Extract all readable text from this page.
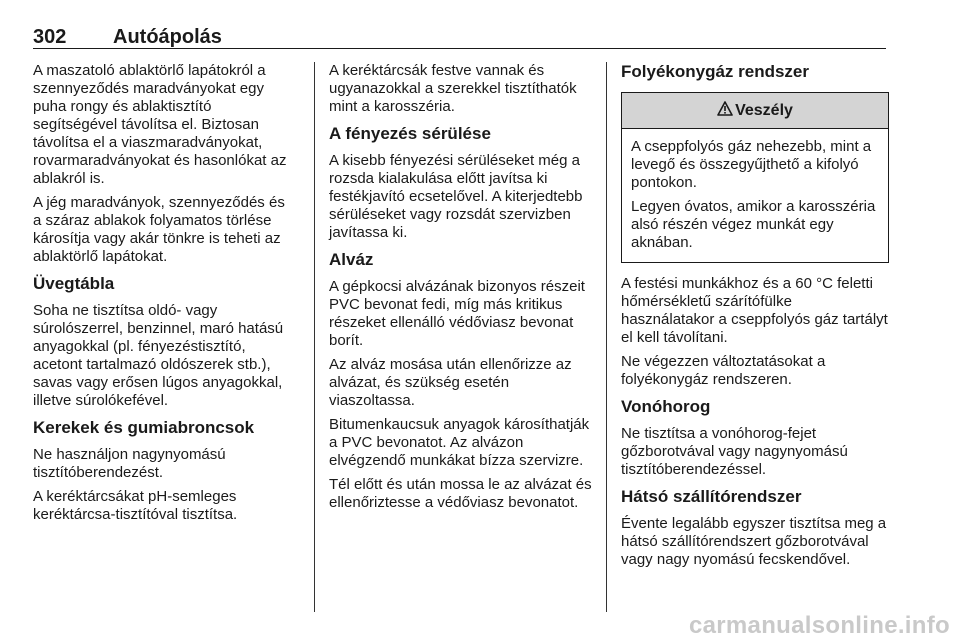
302 Autóápolás

A maszatoló ablaktörlő lapátokról a szennyeződés maradványokat egy puha rongy és ablaktisztító segítségével távolítsa el. Biztosan távolítsa el a viaszmaradványokat, rovarmaradványokat és hasonlókat az ablakról is.

A jég maradványok, szennyeződés és a száraz ablakok folyamatos törlése károsítja vagy akár tönkre is teheti az ablaktörlő lapátokat.

Üvegtábla

Soha ne tisztítsa oldó- vagy súrolószerrel, benzinnel, maró hatású anyagokkal (pl. fényezéstisztító, acetont tartalmazó oldószerek stb.), savas vagy erősen lúgos anyagokkal, illetve súrolókefével.

Kerekek és gumiabroncsok

Ne használjon nagynyomású tisztítóberendezést.

A keréktárcsákat pH-semleges keréktárcsa-tisztítóval tisztítsa.

A keréktárcsák festve vannak és ugyanazokkal a szerekkel tisztíthatók mint a karosszéria.

A fényezés sérülése

A kisebb fényezési sérüléseket még a rozsda kialakulása előtt javítsa ki festékjavító ecsetelővel. A kiterjedtebb sérüléseket vagy rozsdát szervizben javítassa ki.

Alváz

A gépkocsi alvázának bizonyos részeit PVC bevonat fedi, míg más kritikus részeket ellenálló védőviasz bevonat borít.

Az alváz mosása után ellenőrizze az alvázat, és szükség esetén viaszoltassa.

Bitumenkaucsuk anyagok károsíthatják a PVC bevonatot. Az alvázon elvégzendő munkákat bízza szervizre.

Tél előtt és után mossa le az alvázat és ellenőriztesse a védőviasz bevonatot.

Folyékonygáz rendszer
Veszély

A cseppfolyós gáz nehezebb, mint a levegő és összegyűjthető a kifolyó pontokon.

Legyen óvatos, amikor a karosszéria alsó részén végez munkát egy aknában.

A festési munkákhoz és a 60 °C feletti hőmérsékletű szárítófülke használatakor a cseppfolyós gáz tartályt el kell távolítani.

Ne végezzen változtatásokat a folyékonygáz rendszeren.

Vonóhorog

Ne tisztítsa a vonóhorog-fejet gőzborotvával vagy nagynyomású tisztítóberendezéssel.

Hátsó szállítórendszer

Évente legalább egyszer tisztítsa meg a hátsó szállítórendszert gőzborotvával vagy nagy nyomású fecskendővel.

carmanualsonline.info
